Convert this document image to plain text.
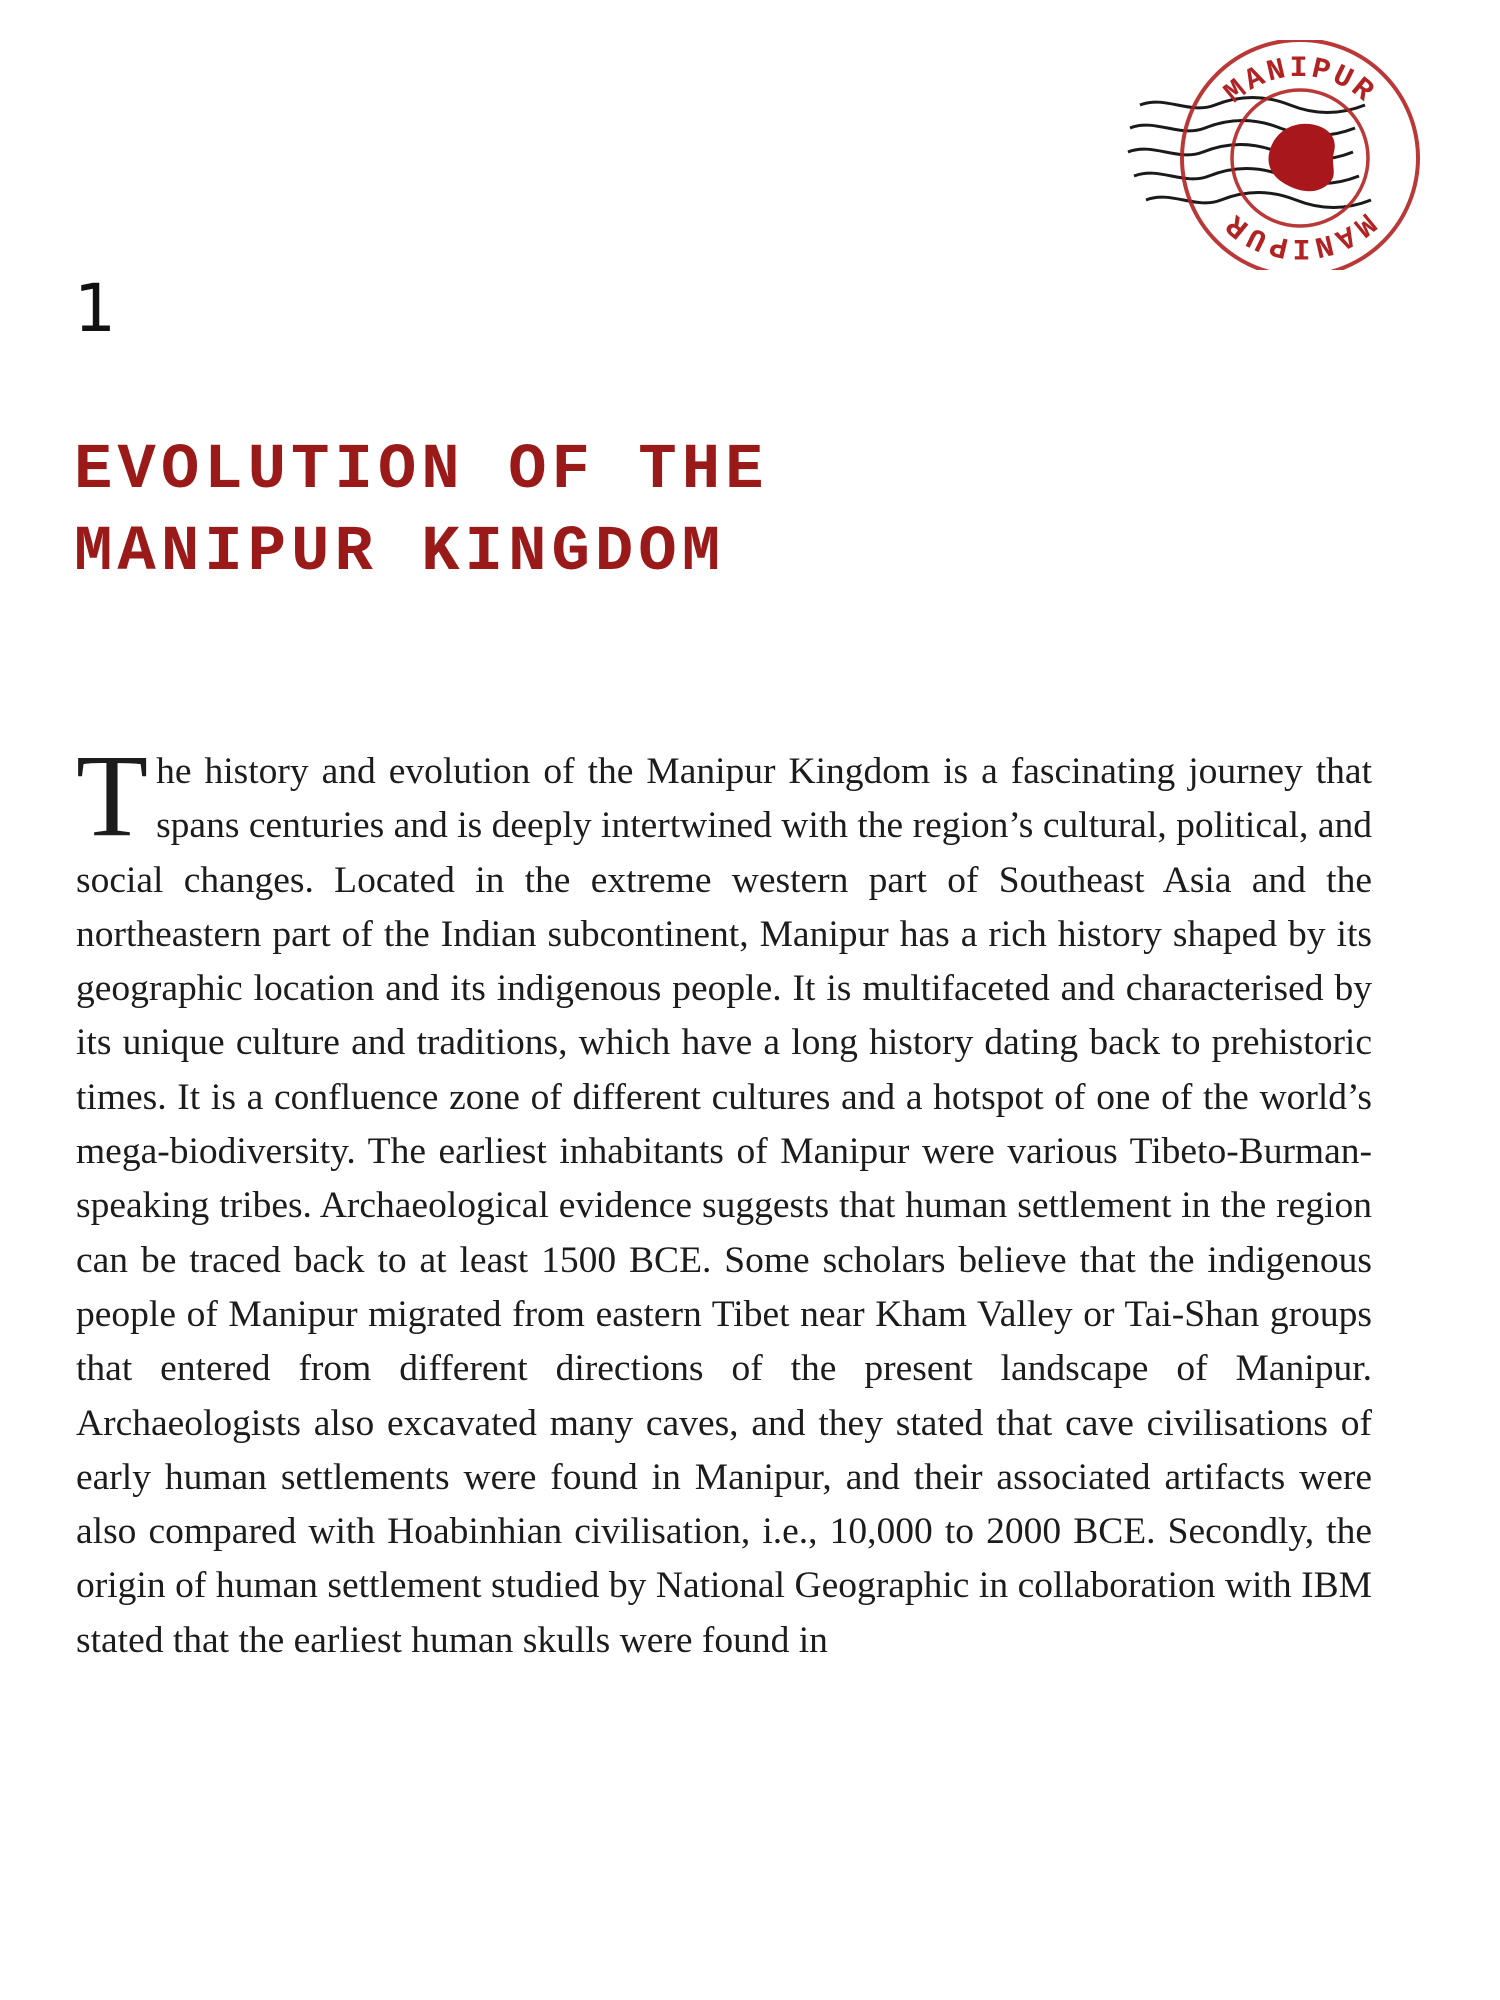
MANIPUR
MANIPUR
1
EVOLUTION OF THE
MANIPUR KINGDOM

The history and evolution of the Manipur Kingdom is a fascinating journey that spans centuries and is deeply intertwined with the region’s cultural, political, and social changes. Located in the extreme western part of Southeast Asia and the northeastern part of the Indian subcontinent, Manipur has a rich history shaped by its geographic location and its indigenous people. It is multifaceted and characterised by its unique culture and traditions, which have a long history dating back to prehistoric times. It is a confluence zone of different cultures and a hotspot of one of the world’s mega-biodiversity. The earliest inhabitants of Manipur were various Tibeto-Burman-speaking tribes. Archaeological evidence suggests that human settlement in the region can be traced back to at least 1500 BCE. Some scholars believe that the indigenous people of Manipur migrated from eastern Tibet near Kham Valley or Tai-Shan groups that entered from different directions of the present landscape of Manipur. Archaeologists also excavated many caves, and they stated that cave civilisations of early human settlements were found in Manipur, and their associated artifacts were also compared with Hoabinhian civilisation, i.e., 10,000 to 2000 BCE. Secondly, the origin of human settlement studied by National Geographic in collaboration with IBM stated that the earliest human skulls were found in
